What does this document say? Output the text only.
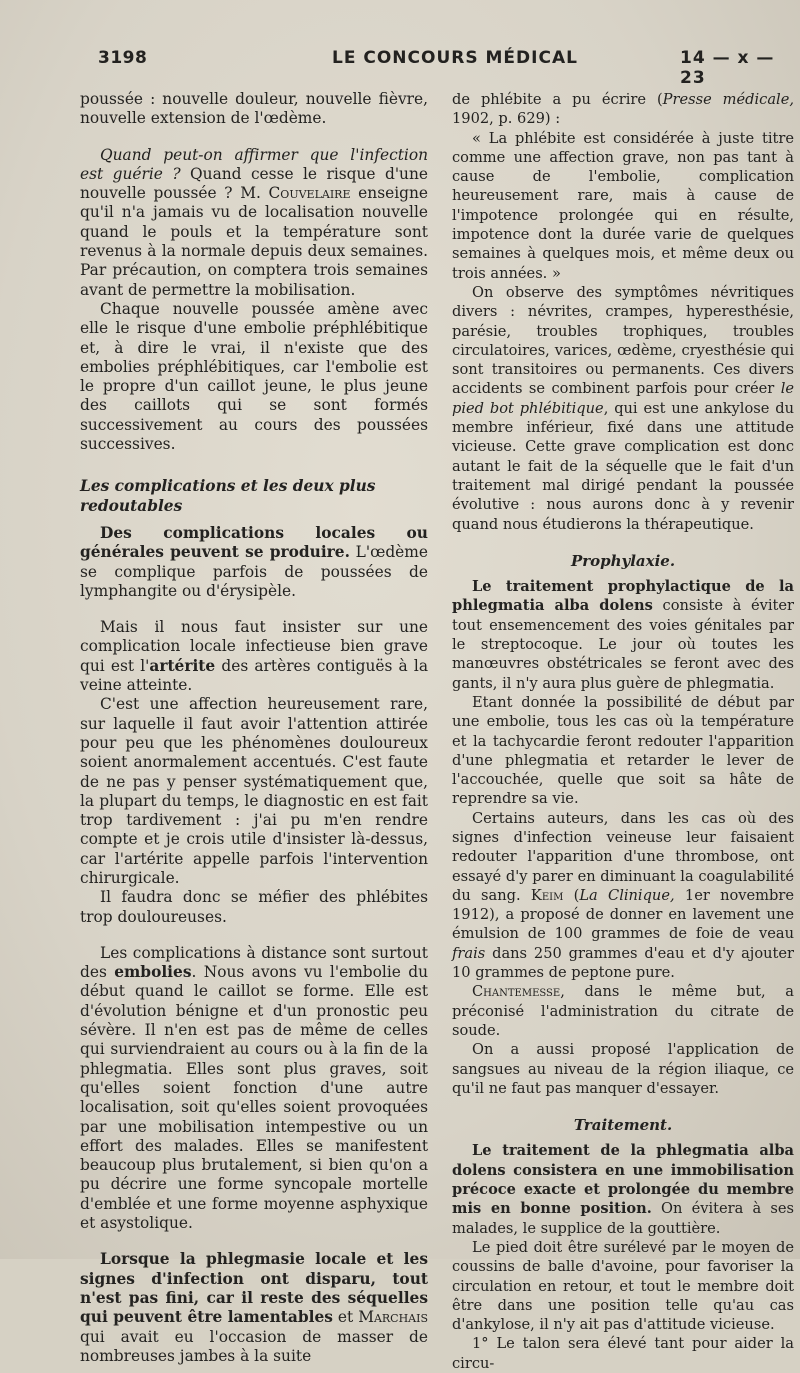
3198	LE CONCOURS MÉDICAL	14 — x — 23

poussée : nouvelle douleur, nouvelle fièvre, nouvelle extension de l'œdème.

Quand peut-on affirmer que l'infection est guérie ? Quand cesse le risque d'une nouvelle poussée ? M. Couvelaire enseigne qu'il n'a jamais vu de localisation nouvelle quand le pouls et la température sont revenus à la normale depuis deux semaines. Par précaution, on comptera trois semaines avant de permettre la mobilisation.

Chaque nouvelle poussée amène avec elle le risque d'une embolie préphlébitique et, à dire le vrai, il n'existe que des embolies préphlébitiques, car l'embolie est le propre d'un caillot jeune, le plus jeune des caillots qui se sont formés successivement au cours des poussées successives.

Les complications et les deux plus redoutables

Des complications locales ou générales peuvent se produire. L'œdème se complique parfois de poussées de lymphangite ou d'érysipèle.

Mais il nous faut insister sur une complication locale infectieuse bien grave qui est l'artérite des artères contiguës à la veine atteinte.

C'est une affection heureusement rare, sur laquelle il faut avoir l'attention attirée pour peu que les phénomènes douloureux soient anormalement accentués. C'est faute de ne pas y penser systématiquement que, la plupart du temps, le diagnostic en est fait trop tardivement : j'ai pu m'en rendre compte et je crois utile d'insister là-dessus, car l'artérite appelle parfois l'intervention chirurgicale.

Il faudra donc se méfier des phlébites trop douloureuses.

Les complications à distance sont surtout des embolies. Nous avons vu l'embolie du début quand le caillot se forme. Elle est d'évolution bénigne et d'un pronostic peu sévère. Il n'en est pas de même de celles qui surviendraient au cours ou à la fin de la phlegmatia. Elles sont plus graves, soit qu'elles soient fonction d'une autre localisation, soit qu'elles soient provoquées par une mobilisation intempestive ou un effort des malades. Elles se manifestent beaucoup plus brutalement, si bien qu'on a pu décrire une forme syncopale mortelle d'emblée et une forme moyenne asphyxique et asystolique.

Lorsque la phlegmasie locale et les signes d'infection ont disparu, tout n'est pas fini, car il reste des séquelles qui peuvent être lamentables et Marchais qui avait eu l'occasion de masser de nombreuses jambes à la suite

de phlébite a pu écrire (Presse médicale, 1902, p. 629) :

« La phlébite est considérée à juste titre comme une affection grave, non pas tant à cause de l'embolie, complication heureusement rare, mais à cause de l'impotence prolongée qui en résulte, impotence dont la durée varie de quelques semaines à quelques mois, et même deux ou trois années. »

On observe des symptômes névritiques divers : névrites, crampes, hyperesthésie, parésie, troubles trophiques, troubles circulatoires, varices, œdème, cryesthésie qui sont transitoires ou permanents. Ces divers accidents se combinent parfois pour créer le pied bot phlébitique, qui est une ankylose du membre inférieur, fixé dans une attitude vicieuse. Cette grave complication est donc autant le fait de la séquelle que le fait d'un traitement mal dirigé pendant la poussée évolutive : nous aurons donc à y revenir quand nous étudierons la thérapeutique.

Prophylaxie.

Le traitement prophylactique de la phlegmatia alba dolens consiste à éviter tout ensemencement des voies génitales par le streptocoque. Le jour où toutes les manœuvres obstétricales se feront avec des gants, il n'y aura plus guère de phlegmatia.

Etant donnée la possibilité de début par une embolie, tous les cas où la température et la tachycardie feront redouter l'apparition d'une phlegmatia et retarder le lever de l'accouchée, quelle que soit sa hâte de reprendre sa vie.

Certains auteurs, dans les cas où des signes d'infection veineuse leur faisaient redouter l'apparition d'une thrombose, ont essayé d'y parer en diminuant la coagulabilité du sang. Keim (La Clinique, 1er novembre 1912), a proposé de donner en lavement une émulsion de 100 grammes de foie de veau frais dans 250 grammes d'eau et d'y ajouter 10 grammes de peptone pure.

Chantemesse, dans le même but, a préconisé l'administration du citrate de soude.

On a aussi proposé l'application de sangsues au niveau de la région iliaque, ce qu'il ne faut pas manquer d'essayer.

Traitement.

Le traitement de la phlegmatia alba dolens consistera en une immobilisation précoce exacte et prolongée du membre mis en bonne position. On évitera à ses malades, le supplice de la gouttière.

Le pied doit être surélevé par le moyen de coussins de balle d'avoine, pour favoriser la circulation en retour, et tout le membre doit être dans une position telle qu'au cas d'ankylose, il n'y ait pas d'attitude vicieuse.

1° Le talon sera élevé tant pour aider la circu-
